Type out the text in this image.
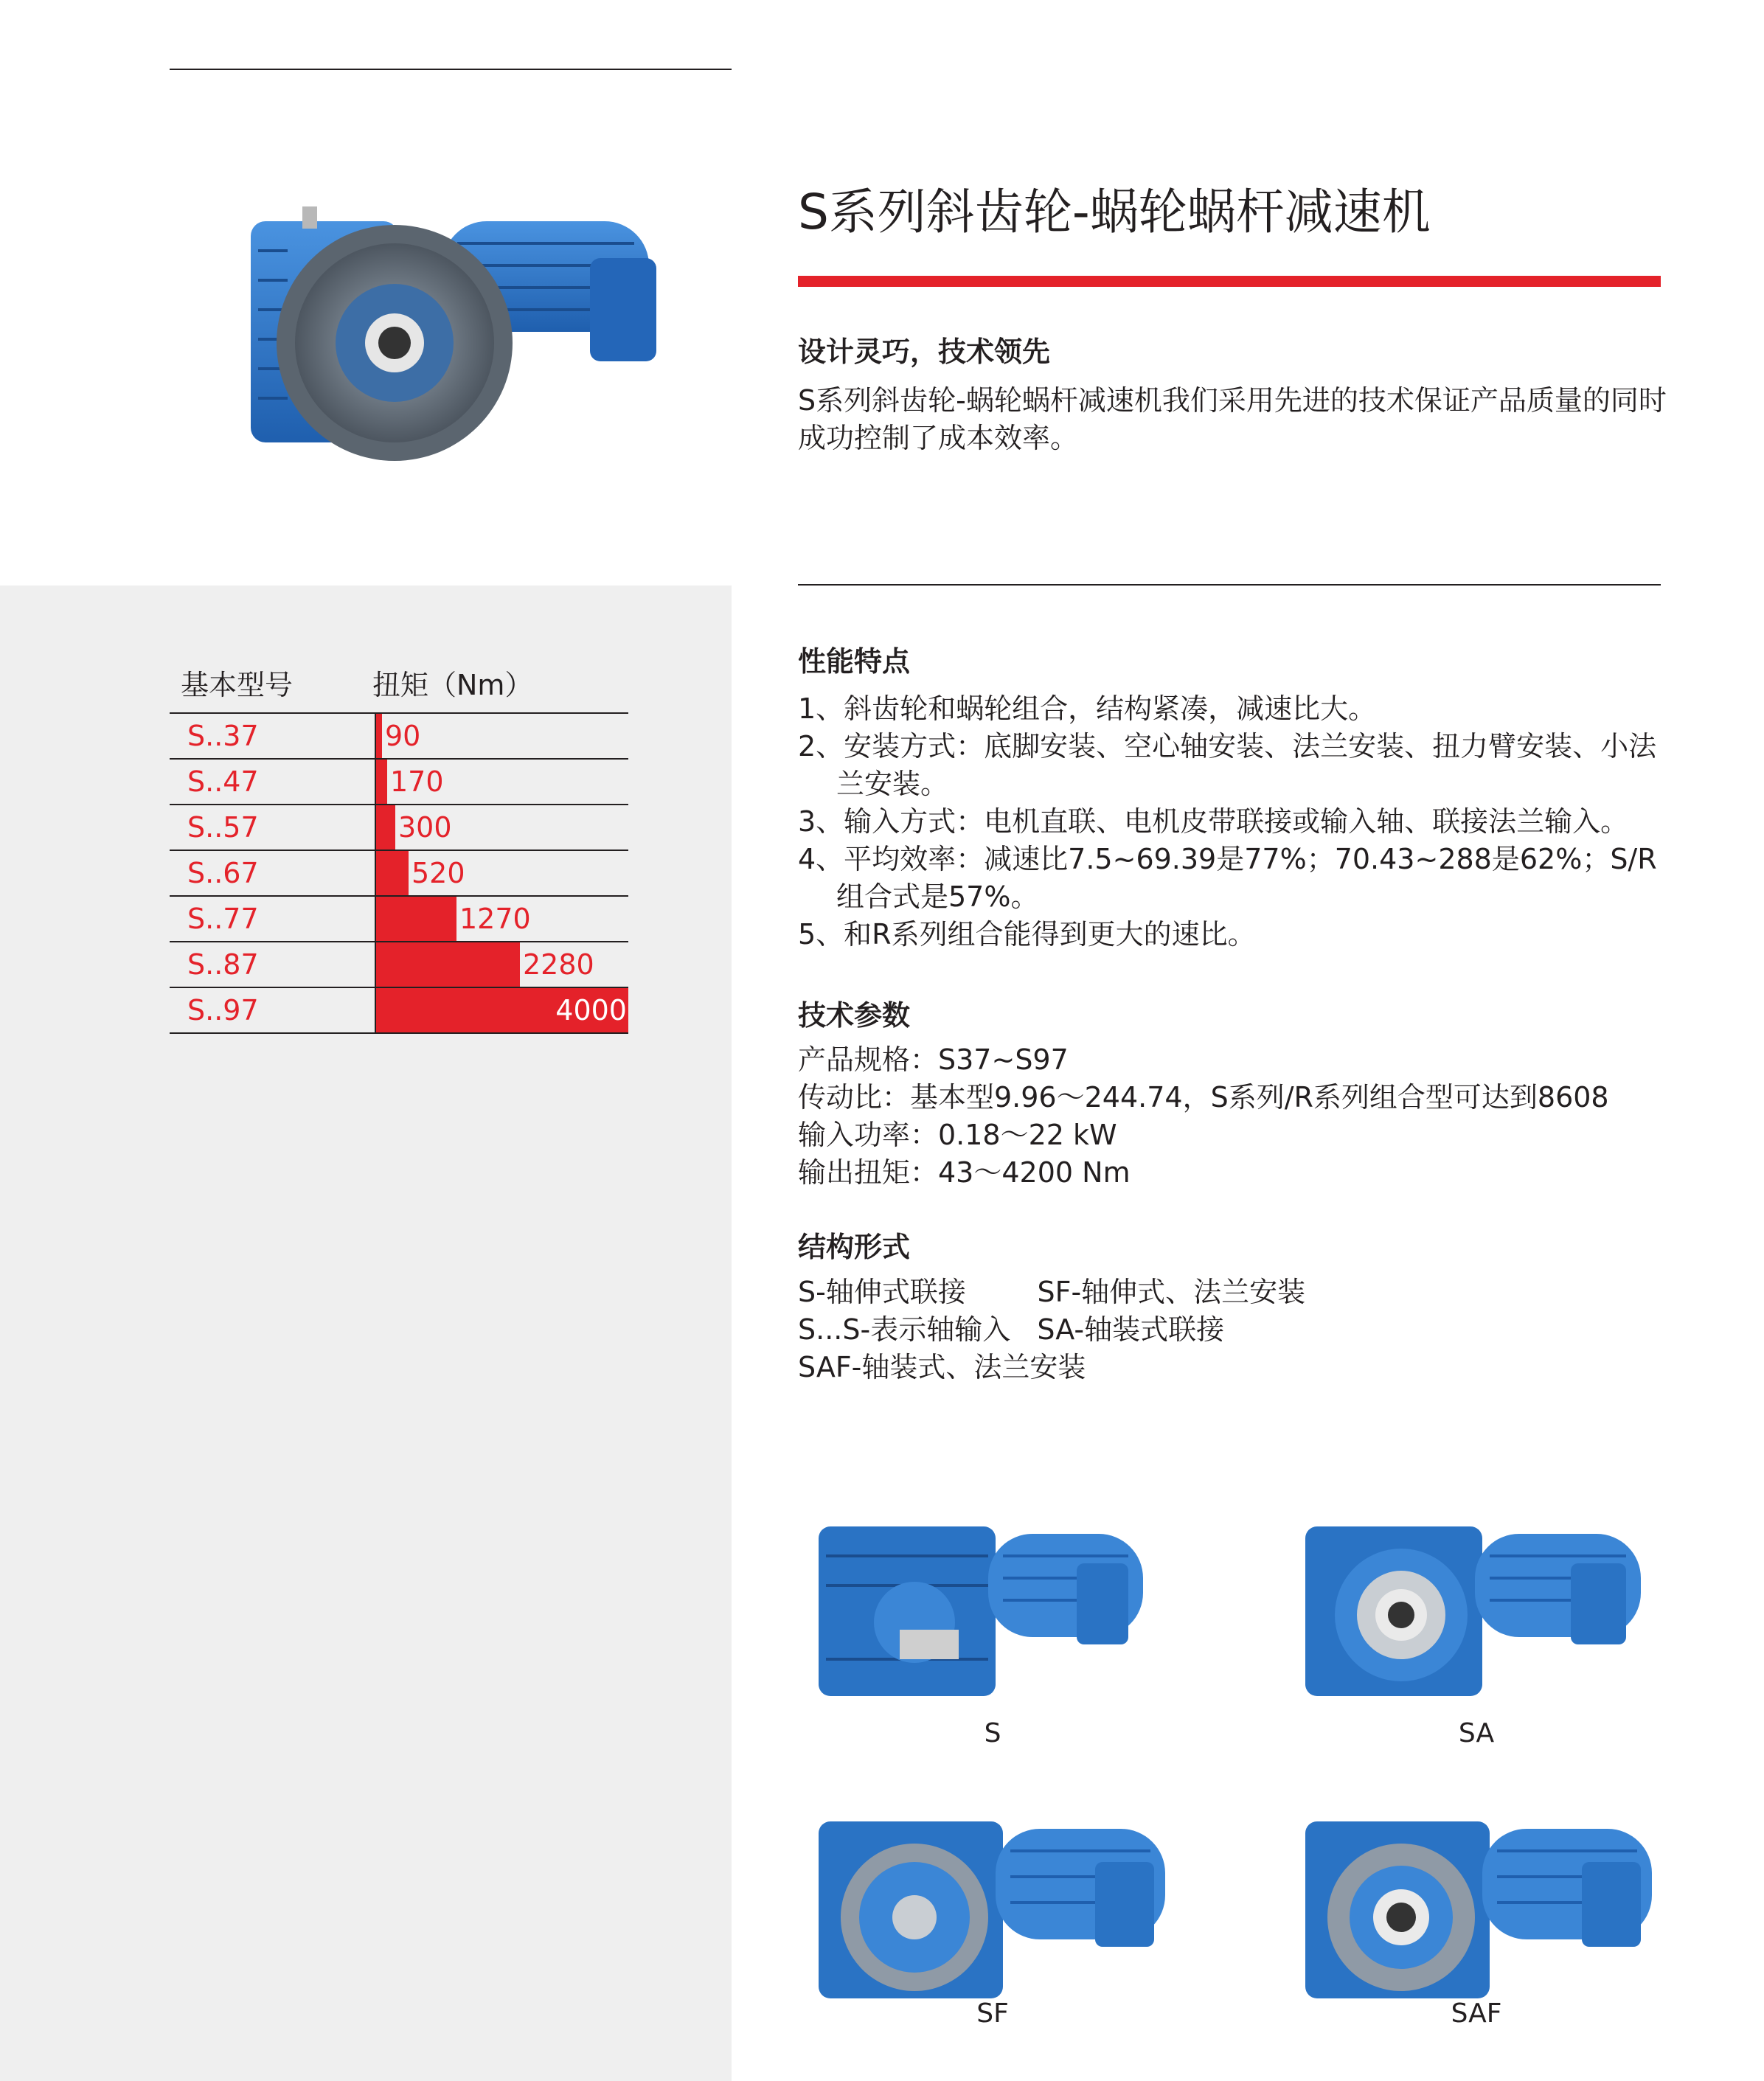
S系列斜齿轮-蜗轮蜗杆减速机
设计灵巧，技术领先
S系列斜齿轮-蜗轮蜗杆减速机我们采用先进的技术保证产品质量的同时成功控制了成本效率。
性能特点
1、斜齿轮和蜗轮组合，结构紧凑，减速比大。
2、安装方式：底脚安装、空心轴安装、法兰安装、扭力臂安装、小法兰安装。
3、输入方式：电机直联、电机皮带联接或输入轴、联接法兰输入。
4、平均效率：减速比7.5~69.39是77%；70.43~288是62%；S/R组合式是57%。
5、和R系列组合能得到更大的速比。
技术参数
产品规格：S37~S97
传动比：基本型9.96～244.74，S系列/R系列组合型可达到8608
输入功率：0.18～22 kW
输出扭矩：43～4200 Nm
结构形式
S-轴伸式联接        SF-轴伸式、法兰安装
S...S-表示轴输入   SA-轴装式联接
SAF-轴装式、法兰安装
基本型号	扭矩（Nm）
S..37	90
S..47	170
S..57	300
S..67	520
S..77	1270
S..87	2280
S..97	4000
S	SA
SF	SAF
